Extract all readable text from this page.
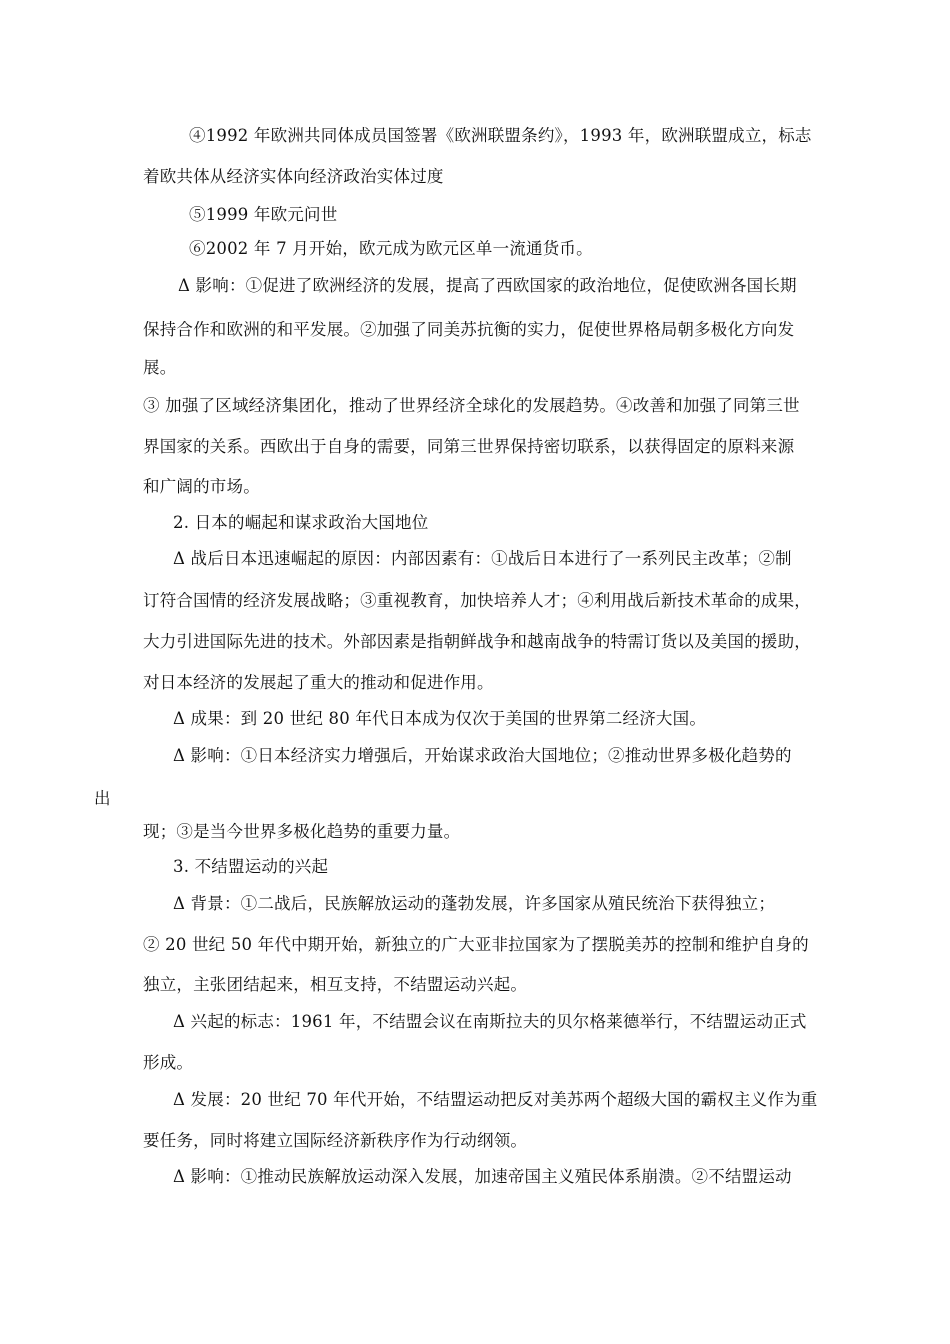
④1992 年欧洲共同体成员国签署《欧洲联盟条约》，1993 年，欧洲联盟成立，标志
着欧共体从经济实体向经济政治实体过度
⑤1999 年欧元问世
⑥2002 年 7 月开始，欧元成为欧元区单一流通货币。
Δ 影响：①促进了欧洲经济的发展，提高了西欧国家的政治地位，促使欧洲各国长期
保持合作和欧洲的和平发展。②加强了同美苏抗衡的实力，促使世界格局朝多极化方向发
展。
③ 加强了区域经济集团化，推动了世界经济全球化的发展趋势。④改善和加强了同第三世
界国家的关系。西欧出于自身的需要，同第三世界保持密切联系，以获得固定的原料来源
和广阔的市场。
2. 日本的崛起和谋求政治大国地位
Δ 战后日本迅速崛起的原因：内部因素有：①战后日本进行了一系列民主改革；②制
订符合国情的经济发展战略；③重视教育，加快培养人才；④利用战后新技术革命的成果，
大力引进国际先进的技术。外部因素是指朝鲜战争和越南战争的特需订货以及美国的援助，
对日本经济的发展起了重大的推动和促进作用。
Δ 成果：到 20 世纪 80 年代日本成为仅次于美国的世界第二经济大国。
Δ 影响：①日本经济实力增强后，开始谋求政治大国地位；②推动世界多极化趋势的
出
现；③是当今世界多极化趋势的重要力量。
3. 不结盟运动的兴起
Δ 背景：①二战后，民族解放运动的蓬勃发展，许多国家从殖民统治下获得独立；
② 20 世纪 50 年代中期开始，新独立的广大亚非拉国家为了摆脱美苏的控制和维护自身的
独立，主张团结起来，相互支持，不结盟运动兴起。
Δ 兴起的标志：1961 年，不结盟会议在南斯拉夫的贝尔格莱德举行，不结盟运动正式
形成。
Δ 发展：20 世纪 70 年代开始，不结盟运动把反对美苏两个超级大国的霸权主义作为重
要任务，同时将建立国际经济新秩序作为行动纲领。
Δ 影响：①推动民族解放运动深入发展，加速帝国主义殖民体系崩溃。②不结盟运动
